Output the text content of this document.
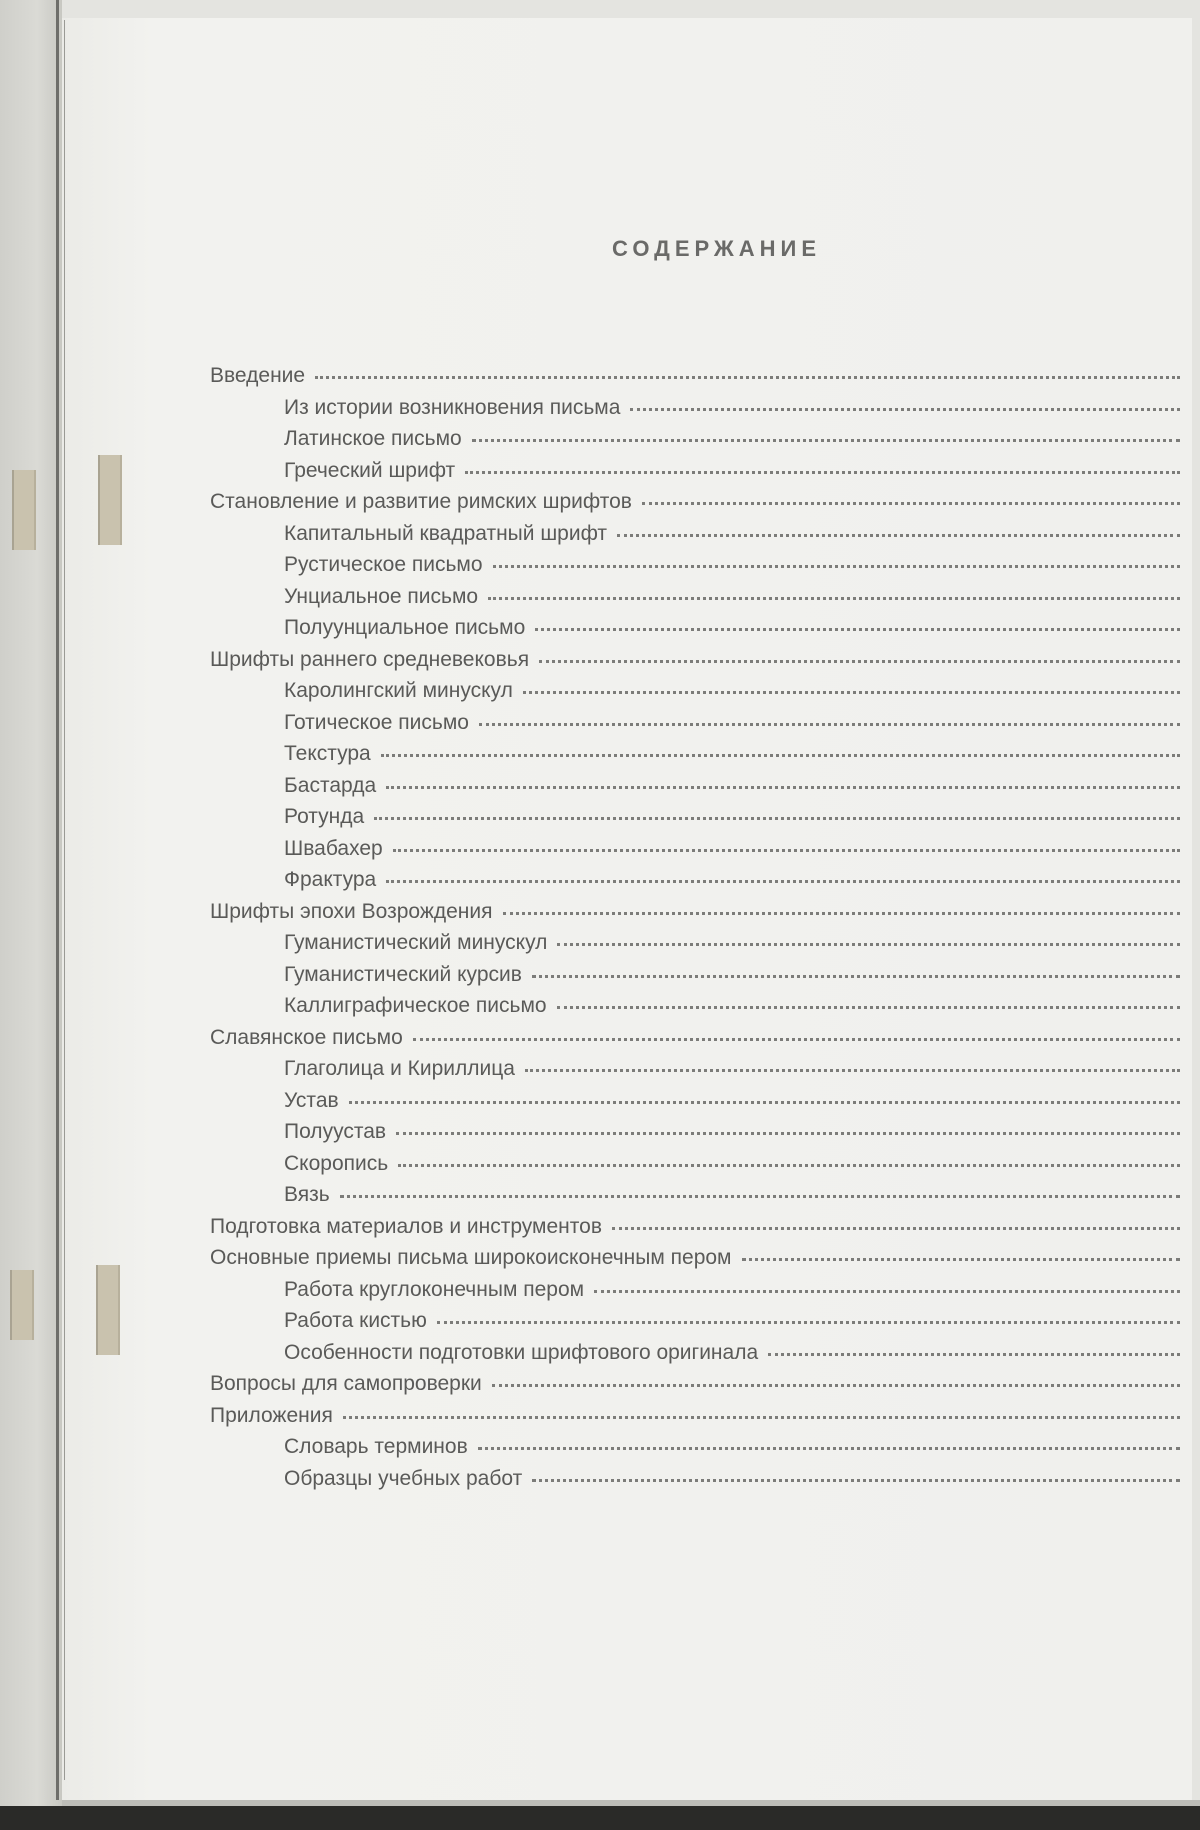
СОДЕРЖАНИЕ
Введение
Из истории возникновения письма
Латинское письмо
Греческий шрифт
Становление и развитие римских шрифтов
Капитальный квадратный шрифт
Рустическое письмо
Унциальное письмо
Полуунциальное письмо
Шрифты раннего средневековья
Каролингский минускул
Готическое письмо
Текстура
Бастарда
Ротунда
Швабахер
Фрактура
Шрифты эпохи Возрождения
Гуманистический минускул
Гуманистический курсив
Каллиграфическое письмо
Славянское письмо
Глаголица и Кириллица
Устав
Полуустав
Скоропись
Вязь
Подготовка материалов и инструментов
Основные приемы письма широкоисконечным пером
Работа круглоконечным пером
Работа кистью
Особенности подготовки шрифтового оригинала
Вопросы для самопроверки
Приложения
Словарь терминов
Образцы учебных работ
